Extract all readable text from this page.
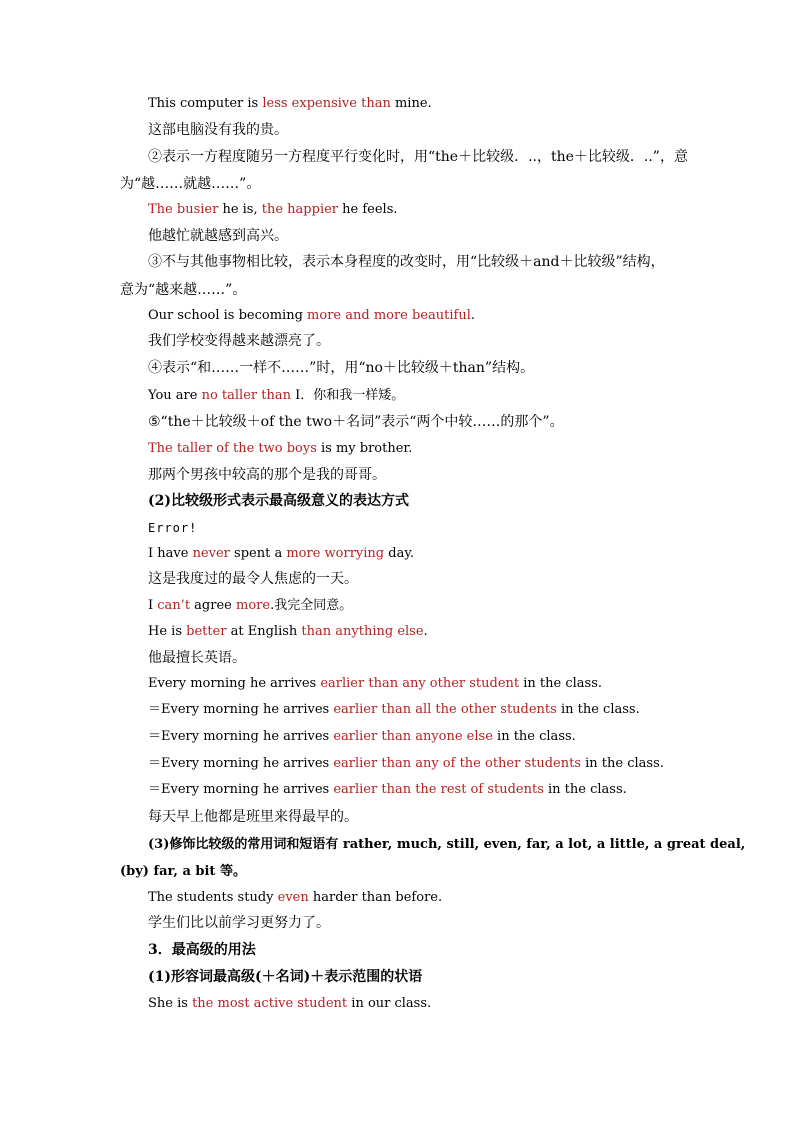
This computer is less expensive than mine.
这部电脑没有我的贵。
②表示一方程度随另一方程度平行变化时，用“the＋比较级．..，the＋比较级．..”，意
为“越……就越……”。
The busier he is, the happier he feels.
他越忙就越感到高兴。
③不与其他事物相比较，表示本身程度的改变时，用“比较级＋and＋比较级”结构，
意为“越来越……”。
Our school is becoming more and more beautiful.
我们学校变得越来越漂亮了。
④表示“和……一样不……”时，用“no＋比较级＋than”结构。
You are no taller than I．你和我一样矮。
⑤“the＋比较级＋of the two＋名词”表示“两个中较……的那个”。
The taller of the two boys is my brother.
那两个男孩中较高的那个是我的哥哥。
(2)比较级形式表示最高级意义的表达方式
Error!
I have never spent a more worrying day.
这是我度过的最令人焦虑的一天。
I can’t agree more.我完全同意。
He is better at English than anything else.
他最擅长英语。
Every morning he arrives earlier than any other student in the class.
＝Every morning he arrives earlier than all the other students in the class.
＝Every morning he arrives earlier than anyone else in the class.
＝Every morning he arrives earlier than any of the other students in the class.
＝Every morning he arrives earlier than the rest of students in the class.
每天早上他都是班里来得最早的。
(3)修饰比较级的常用词和短语有 rather, much, still, even, far, a lot, a little, a great deal,
(by) far, a bit 等。
The students study even harder than before.
学生们比以前学习更努力了。
3．最高级的用法
(1)形容词最高级(＋名词)＋表示范围的状语
She is the most active student in our class.
